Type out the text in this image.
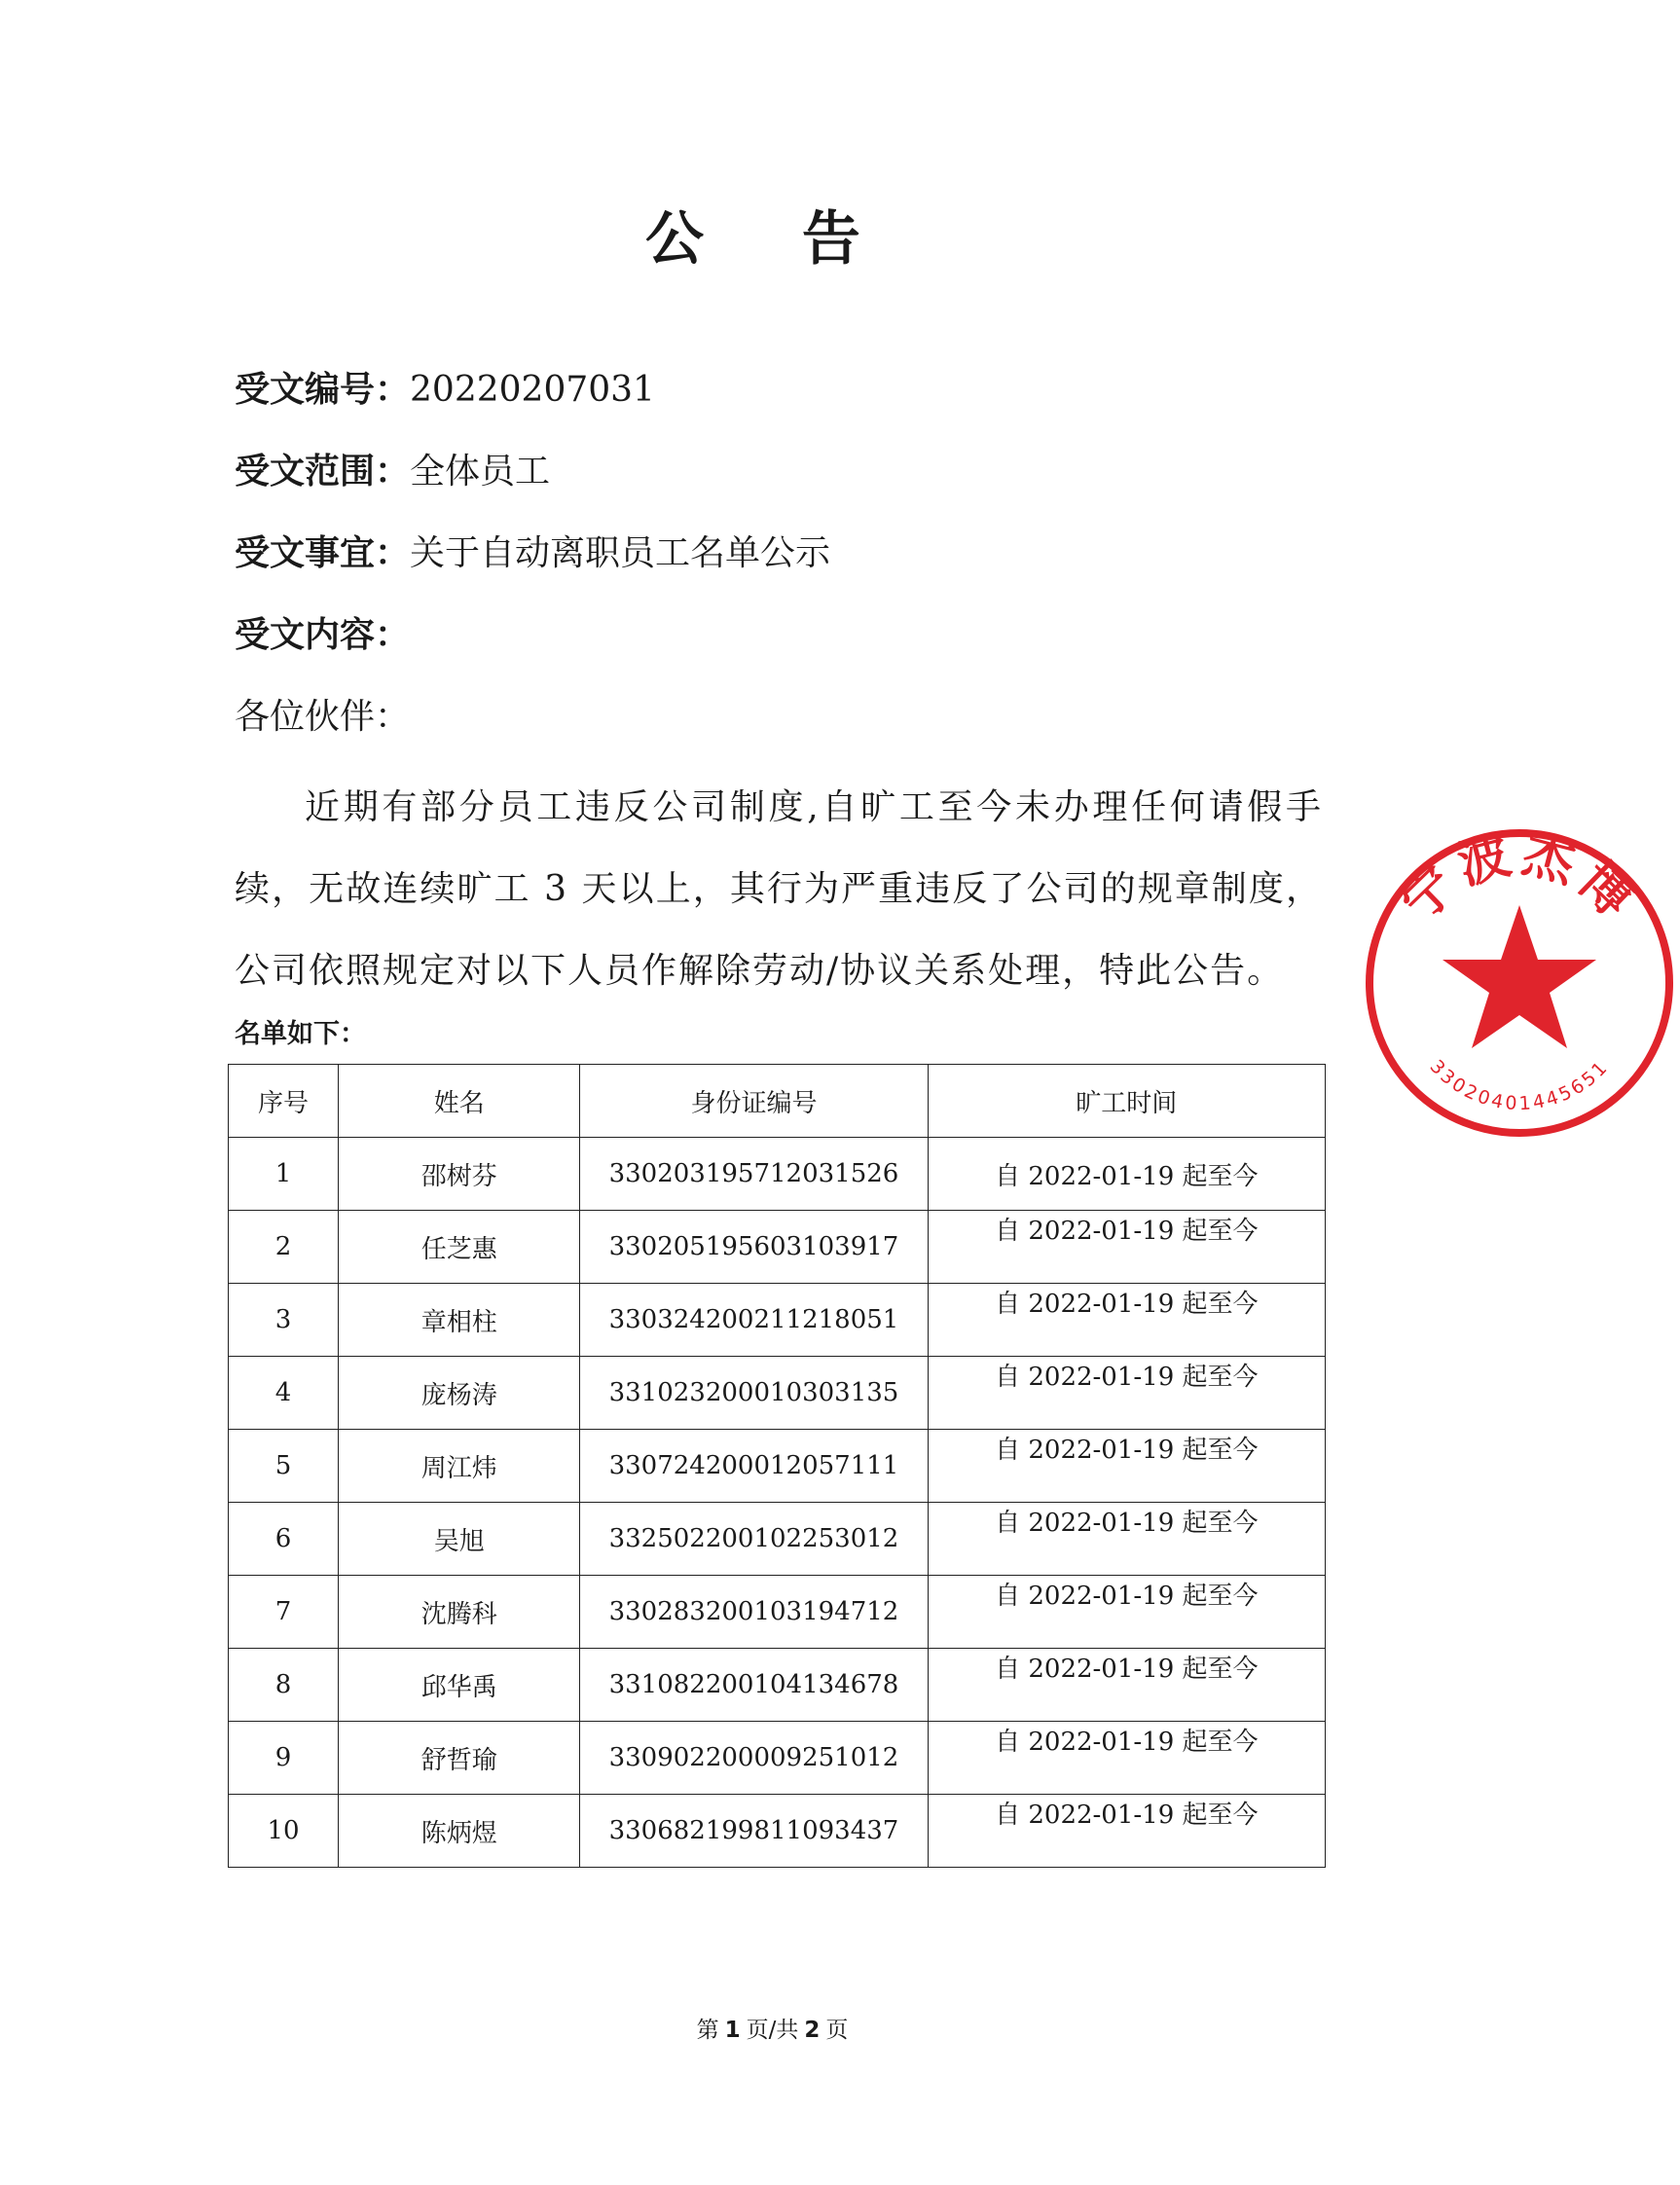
公 告
受文编号：20220207031
受文范围：全体员工
受文事宜：关于自动离职员工名单公示
受文内容：
各位伙伴：
近期有部分员工违反公司制度,自旷工至今未办理任何请假手续，无故连续旷工 3 天以上，其行为严重违反了公司的规章制度，公司依照规定对以下人员作解除劳动/协议关系处理，特此公告。
名单如下：
序号	姓名	身份证编号	旷工时间
1	邵树芬	330203195712031526	自 2022-01-19 起至今
2	任芝惠	330205195603103917	自 2022-01-19 起至今
3	章相柱	330324200211218051	自 2022-01-19 起至今
4	庞杨涛	331023200010303135	自 2022-01-19 起至今
5	周江炜	330724200012057111	自 2022-01-19 起至今
6	吴旭	332502200102253012	自 2022-01-19 起至今
7	沈腾科	330283200103194712	自 2022-01-19 起至今
8	邱华禹	331082200104134678	自 2022-01-19 起至今
9	舒哲瑜	330902200009251012	自 2022-01-19 起至今
10	陈炳煜	330682199811093437	自 2022-01-19 起至今
宁波杰博
33020401445651
第 1 页/共 2 页
